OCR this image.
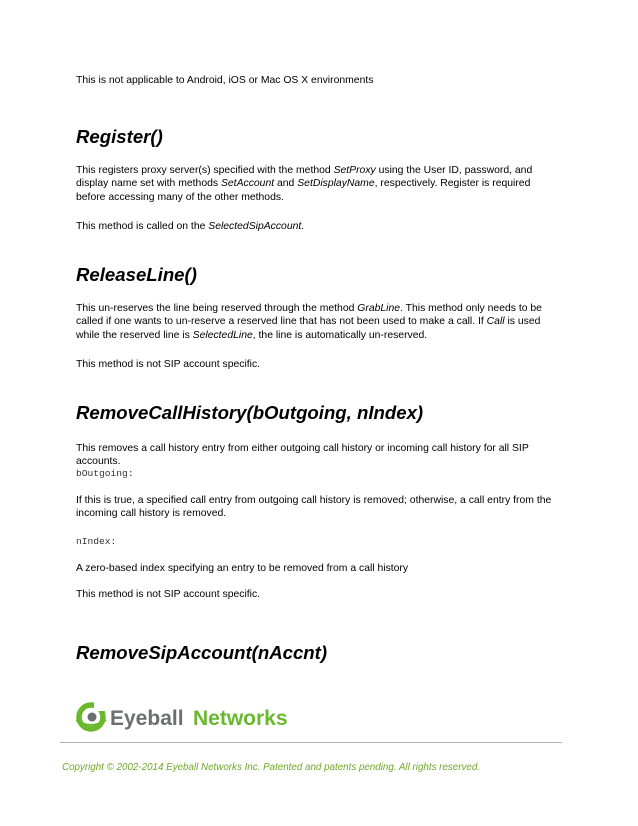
This is not applicable to Android, iOS or Mac OS X environments

Register()

This registers proxy server(s) specified with the method SetProxy using the User ID, password, and display name set with methods SetAccount and SetDisplayName, respectively. Register is required before accessing many of the other methods.

This method is called on the SelectedSipAccount.

ReleaseLine()

This un-reserves the line being reserved through the method GrabLine. This method only needs to be called if one wants to un-reserve a reserved line that has not been used to make a call. If Call is used while the reserved line is SelectedLine, the line is automatically un-reserved.

This method is not SIP account specific.

RemoveCallHistory(bOutgoing, nIndex)

This removes a call history entry from either outgoing call history or incoming call history for all SIP accounts.

bOutgoing:

If this is true, a specified call entry from outgoing call history is removed; otherwise, a call entry from the incoming call history is removed.

nIndex:

A zero-based index specifying an entry to be removed from a call history

This method is not SIP account specific.

RemoveSipAccount(nAccnt)
Eyeball Networks
Copyright © 2002-2014 Eyeball Networks Inc. Patented and patents pending. All rights reserved.
